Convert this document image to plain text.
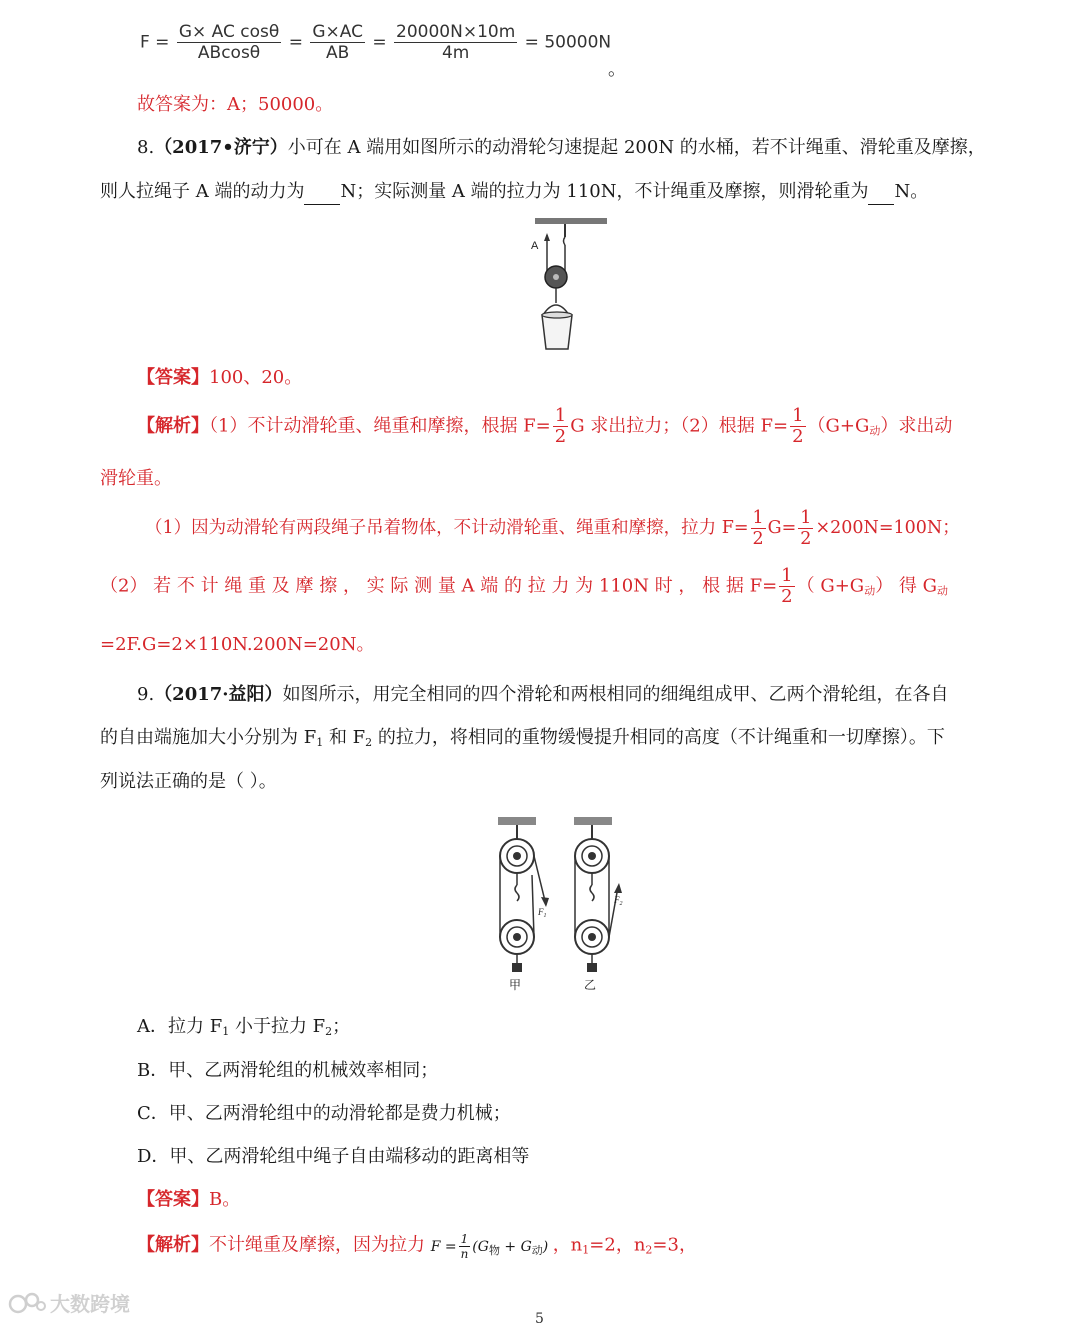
$F = \frac{\text{G× AC cosθ}}{ABcos\theta} = \frac{G\times AC}{AB} = \frac{20000N\times 10m}{4m} = 50000N$
。
故答案为：A；50000。
8.（2017•济宁）小可在 A 端用如图所示的动滑轮匀速提起 200N 的水桶，若不计绳重、滑轮重及摩擦，
则人拉绳子 A 端的动力为 N；实际测量 A 端的拉力为 110N，不计绳重及摩擦，则滑轮重为 N。
A
【答案】100、20。
【解析】（1）不计动滑轮重、绳重和摩擦，根据 $F= \frac{1}{2}$ G 求出拉力；（2）根据 $F= \frac{1}{2} (G+G_动)$求出动
滑轮重。
（1）因为动滑轮有两段绳子吊着物体，不计动滑轮重、绳重和摩擦，拉力 $F= \frac{1}{2} G= \frac{1}{2} \times 200N=100N$；
（2） 若 不 计 绳 重 及 摩 擦 ， 实 际 测 量 A 端 的 拉 力 为 110N 时 ， 根 据 $F= \frac{1}{2}$ （ $G+G_动$） 得 $G_动$
=2F.G=2×110N.200N=20N。
9.（2017·益阳）如图所示，用完全相同的四个滑轮和两根相同的细绳组成甲、乙两个滑轮组，在各自
的自由端施加大小分别为 $F_1$ 和 $F_2$ 的拉力，将相同的重物缓慢提升相同的高度（不计绳重和一切摩擦）。下
列说法正确的是（ ）。
$F_1$
甲
$F_2$
乙
A．拉力 $F_1$ 小于拉力 $F_2$；
B．甲、乙两滑轮组的机械效率相同；
C．甲、乙两滑轮组中的动滑轮都是费力机械；
D．甲、乙两滑轮组中绳子自由端移动的距离相等
【答案】B。
【解析】不计绳重及摩擦，因为拉力 $F = \frac{1}{n} (G_物 + G_动)$ ，$n_1=2$，$n_2=3$，
大数跨境
5
